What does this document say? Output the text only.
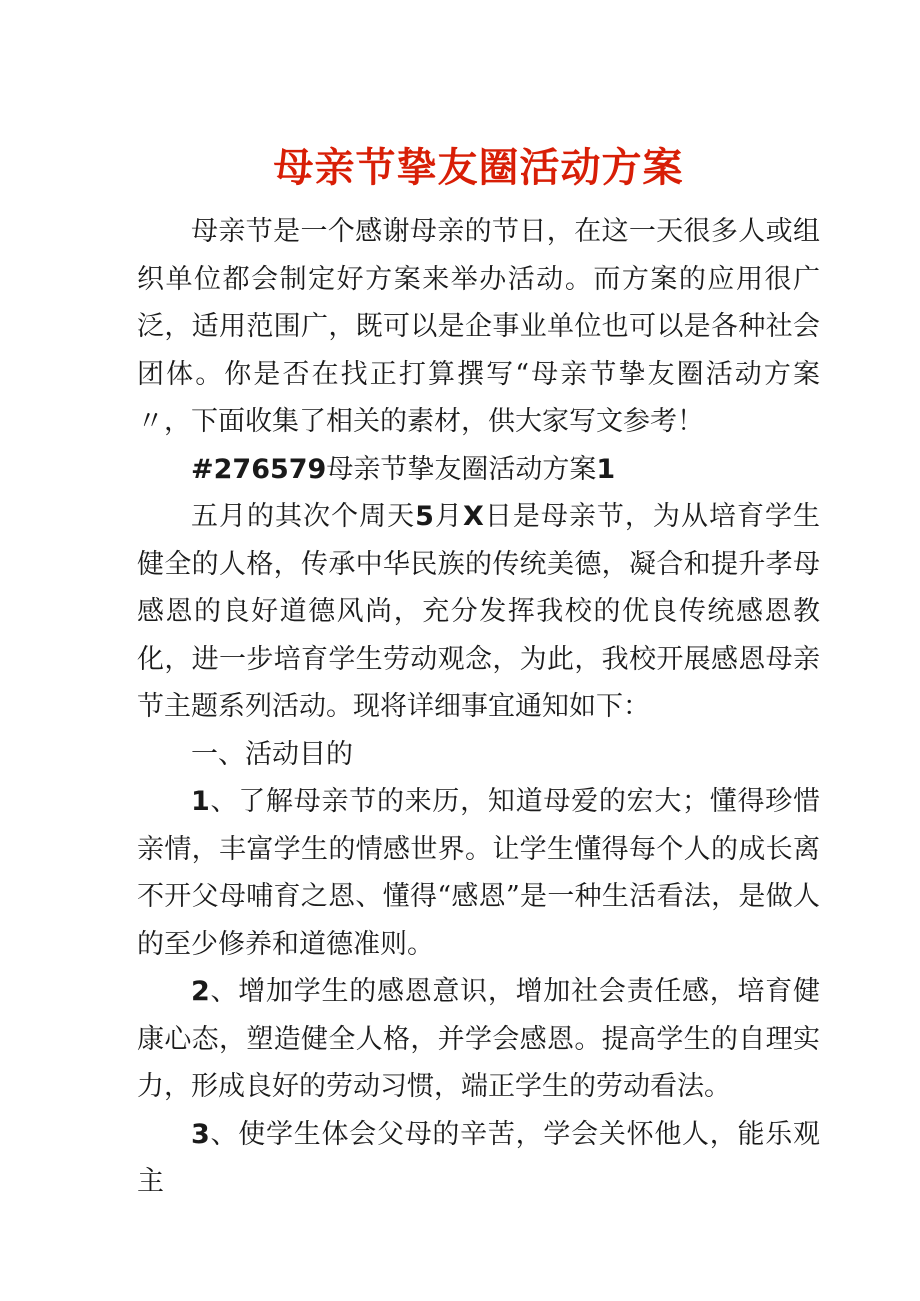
母亲节挚友圈活动方案

母亲节是一个感谢母亲的节日，在这一天很多人或组织单位都会制定好方案来举办活动。而方案的应用很广泛，适用范围广，既可以是企事业单位也可以是各种社会团体。你是否在找正打算撰写“母亲节挚友圈活动方案〃，下面收集了相关的素材，供大家写文参考！

#276579母亲节挚友圈活动方案1

五月的其次个周天5月X日是母亲节，为从培育学生健全的人格，传承中华民族的传统美德，凝合和提升孝母感恩的良好道德风尚，充分发挥我校的优良传统感恩教化，进一步培育学生劳动观念，为此，我校开展感恩母亲节主题系列活动。现将详细事宜通知如下：

一、活动目的

1、了解母亲节的来历，知道母爱的宏大；懂得珍惜亲情，丰富学生的情感世界。让学生懂得每个人的成长离不开父母哺育之恩、懂得“感恩”是一种生活看法，是做人的至少修养和道德准则。

2、增加学生的感恩意识，增加社会责任感，培育健康心态，塑造健全人格，并学会感恩。提高学生的自理实力，形成良好的劳动习惯，端正学生的劳动看法。

3、使学生体会父母的辛苦，学会关怀他人，能乐观主
